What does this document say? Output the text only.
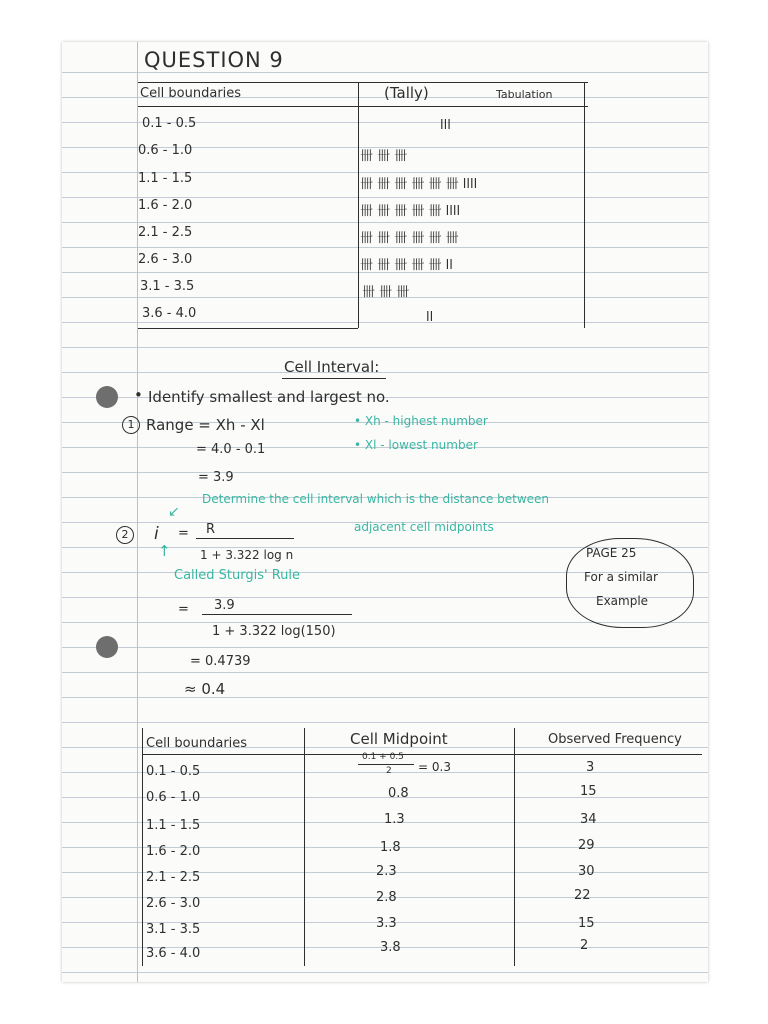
QUESTION 9
Cell boundaries	(Tally)	Tabulation
0.1 - 0.5	lll
0.6 - 1.0	卌 卌 卌
1.1 - 1.5	卌 卌 卌 卌 卌 卌 llll
1.6 - 2.0	卌 卌 卌 卌 卌 llll
2.1 - 2.5	卌 卌 卌 卌 卌 卌
2.6 - 3.0	卌 卌 卌 卌 卌 ll
3.1 - 3.5	卌 卌 卌
3.6 - 4.0	ll
Cell Interval:
• Identify smallest and largest no.
1 Range = Xh - Xl
= 4.0 - 0.1
= 3.9
• Xh - highest number
• Xl - lowest number
Determine the cell interval which is the distance between
adjacent cell midpoints
↙
2	i = R
1 + 3.322 log n
↑
Called Sturgis' Rule
= 3.9
1 + 3.322 log(150)
= 0.4739
≈ 0.4
PAGE 25
For a similar
Example
Cell boundaries	Cell Midpoint	Observed Frequency
0.1 + 0.5
2
0.1 - 0.5	= 0.3	3
0.6 - 1.0	0.8	15
1.1 - 1.5	1.3	34
1.6 - 2.0	1.8	29
2.1 - 2.5	2.3	30
2.6 - 3.0	2.8	22
3.1 - 3.5	3.3	15
3.6 - 4.0	3.8	2
